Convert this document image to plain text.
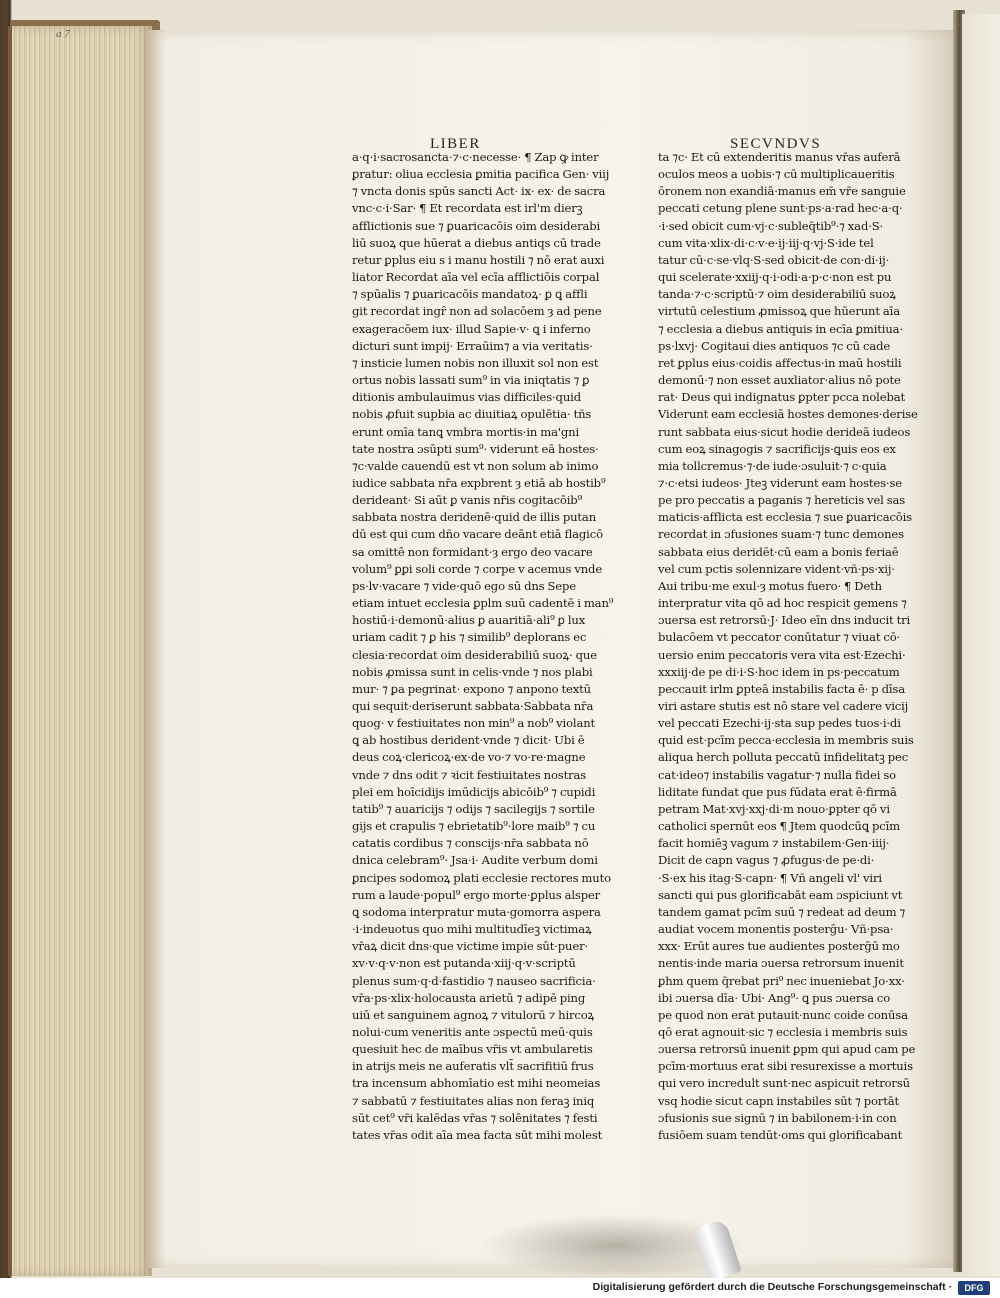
a 7
LIBER	SECVNDVS
a·q·i·sacrosancta·⁊·c·necesse· ¶ Zap ꝙ inter
ꝑratur: oliua ecclesia ꝑmitia pacifica Gen· viij
⁊ vncta donis spūs sancti Act· ix· ex· de sacra
vnc·c·i·Sar· ¶ Et recordata est irl'm dierꝫ
afflictionis sue ⁊ ꝑuaricacōis oim desiderabi
liū suoꝝ que hūerat a diebus antiqs cū trade
retur ꝑplus eiu s i manu hostili ⁊ nō erat auxi
liator Recordat aīa vel ecīa afflictiōis corpal
⁊ spūalis ⁊ ꝑuaricacōis mandatoꝝ· ꝑ ꝗ affli
git recordat ingȓ non ad solacōem ȝ ad pene
exageracōem iux· illud Sapie·v· ꝗ i inferno
dicturi sunt impij· Erraūim⁊ a via veritatis·
⁊ insticie lumen nobis non illuxit sol non est
ortus nobis lassati sum⁹ in via iniqtatis ⁊ ꝑ
ditionis ambulauimus vias difficiles·quid
nobis ꝓfuit supbia ac diuitiaꝝ opulētia· tñs
erunt omīa tanꝗ vmbra mortis·in ma'gni
tate nostra ɔsūpti sum⁹· viderunt eā hostes·
⁊c·valde cauendū est vt non solum ab inimo
iudice sabbata nr̄a expbrent ȝ etiā ab hostib⁹
derideant· Si aūt ꝑ vanis nr̄is cogitacōib⁹
sabbata nostra deridenē·quid de illis putan
dū est qui cum dño vacare deānt etiā flagicō
sa omittē non formidant·ȝ ergo deo vacare
volum⁹ ꝑꝑi soli corde ⁊ corpe v acemus vnde
ps·lv·vacare ⁊ vide·quō ego sū dns Sepe
etiam intuet ecclesia ꝑplm suū cadentē i man⁹
hostiū·i·demonū·alius ꝑ auaritiā·ali⁹ ꝑ lux
uriam cadit ⁊ ꝑ his ⁊ similib⁹ deplorans ec
clesia·recordat oim desiderabiliū suoꝝ· que
nobis ꝓmissa sunt in celis·vnde ⁊ nos plabi
mur· ⁊ ꝑa pegrinat· expono ⁊ anpono textū
qui sequit·deriserunt sabbata·Sabbata nr̄a
quog· v festiuitates non min⁹ a nob⁹ violant
ꝗ ab hostibus derident·vnde ⁊ dicit· Ubi ē
deus coꝝ·clericoꝝ·ex·de vo·⁊ vo·re·magne
vnde ⁊ dns odit ⁊ ꝛicit festiuitates nostras
plei em hoīcidijs imūdicijs abicōib⁹ ⁊ cupidi
tatib⁹ ⁊ auaricijs ⁊ odijs ⁊ sacilegijs ⁊ sortile
gijs et crapulis ⁊ ebrietatib⁹·lore maib⁹ ⁊ cu
catatis cordibus ⁊ conscijs·nr̄a sabbata nō
dnica celebram⁹· Jsa·i· Audite verbum domi
ꝑncipes sodomoꝝ plati ecclesie rectores muto
rum a laude·popul⁹ ergo morte·ꝑplus alsper
ꝗ sodoma interpratur muta·gomorra aspera
·i·indeuotus quo mihi multitudīeꝫ victimaꝝ
vr̄aꝝ dicit dns·que victime impie sūt·puer·
xv·v·q·v·non est putanda·xiij·q·v·scriptū
plenus sum·q·d·fastidio ⁊ nauseo sacrificia·
vr̄a·ps·xlix·holocausta arietū ⁊ adipē ping
uiū et sanguinem agnoꝝ ⁊ vitulorū ⁊ hircoꝝ
nolui·cum veneritis ante ɔspectū meū·quis
quesiuit hec de maībus vr̄is vt ambularetis
in atrijs meis ne auferatis vlt̄ sacrifitiū frus
tra incensum abhomīatio est mihi neomeias
⁊ sabbatū ⁊ festiuitates alias non feraꝫ iniq
sūt cet⁹ vr̄i kalēdas vr̄as ⁊ solēnitates ⁊ festi
tates vr̄as odit aīa mea facta sūt mihi molest
ta ⁊c· Et cū extenderitis manus vr̄as auferā
oculos meos a uobis·⁊ cū multiplicaueritis
ōronem non exandiā·manus em̄ vr̄e sanguie
peccati cetung plene sunt·ps·a·rad hec·a·q·
·i·sed obicit cum·vj·c·subleq̄tib⁹·⁊ xad·S·
cum vita·xlix·di·c·v·e·ij·iij·q·vj·S·ide tel
tatur cū·c·se·vlq·S·sed obicit·de con·di·ij·
qui scelerate·xxiij·q·i·odi·a·p·c·non est pu
tanda·⁊·c·scriptū·⁊ oim desiderabiliū suoꝝ
virtutū celestium ꝓmissoꝝ que hūerunt aīa
⁊ ecclesia a diebus antiquis in ecīa ꝑmitiua·
ps·lxvj· Cogitaui dies antiquos ⁊c cū cade
ret ꝑplus eius·coidis affectus·in maū hostili
demonū·⁊ non esset auxliator·alius nō pote
rat· Deus qui indignatus ꝑpter pcca nolebat
Viderunt eam ecclesiā hostes demones·derise
runt sabbata eius·sicut hodie derideā iudeos
cum eoꝝ sinagogis ⁊ sacrificijs·ꝗuis eos ex
mia tollcremus·⁊·de iude·ɔsuluit·⁊ c·quia
⁊·c·etsi iudeos· Jteꝫ viderunt eam hostes·se
pe pro peccatis a paganis ⁊ hereticis vel sas
maticis·afflicta est ecclesia ⁊ sue ꝑuaricacōis
recordat in ɔfusiones suam·⁊ tunc demones
sabbata eius deridēt·cū eam a bonis feriaē
vel cum pctis solennizare vident·vñ·ps·xij·
Aui tribu·me exul·ȝ motus fuero· ¶ Deth
interpratur vita qō ad hoc respicit gemens ⁊
ɔuersa est retrorsū·J· Ideo eīn dns inducit tri
bulacōem vt peccator conūtatur ⁊ viuat cō·
uersio enim peccatoris vera vita est·Ezechi·
xxxiij·de pe di·i·S·hoc idem in ps·peccatum
peccauit irlm ꝑpteā instabilis facta ē· p dīsa
viri astare stutis est nō stare vel cadere vicij
vel peccati Ezechi·ij·sta sup pedes tuos·i·di
quid est·pcīm pecca·ecclesia in membris suis
aliqua herch polluta peccatū infidelitatꝫ pec
cat·ideo⁊ instabilis vagatur·⁊ nulla fidei so
liditate fundat que pus fūdata erat ē·firmā
petram Mat·xvj·xxj·di·m nouo·ꝑpter qō vi
catholici spernūt eos ¶ Jtem quodcūꝗ pcīm
facit homiēꝫ vagum ⁊ instabilem·Gen·iiij·
Dicit de capn vagus ⁊ ꝓfugus·de pe·di·
·S·ex his itag·S·capn· ¶ Vñ angeli vl' viri
sancti qui pus glorificabāt eam ɔspiciunt vt
tandem gamat pcīm suū ⁊ redeat ad deum ⁊
audiat vocem monentis posterḡu· Vñ·psa·
xxx· Erūt aures tue audientes posterḡū mo
nentis·inde maria ɔuersa retrorsum inuenit
ꝑhm quem q̄rebat pri⁹ nec inueniebat Jo·xx·
ibi ɔuersa dīa· Ubi· Ang⁹· ꝗ pus ɔuersa co
pe quod non erat putauit·nunc coide conūsa
qō erat agnouit·sic ⁊ ecclesia i membris suis
ɔuersa retrorsū inuenit ꝑpm qui apud cam pe
pcīm·mortuus erat sibi resurexisse a mortuis
qui vero incredult sunt·nec aspicuit retrorsū
vsq hodie sicut capn instabiles sūt ⁊ portāt
ɔfusionis sue signū ⁊ in babilonem·i·in con
fusiōem suam tendūt·oms qui glorificabant
Digitalisierung gefördert durch die Deutsche Forschungsgemeinschaft ·	DFG
